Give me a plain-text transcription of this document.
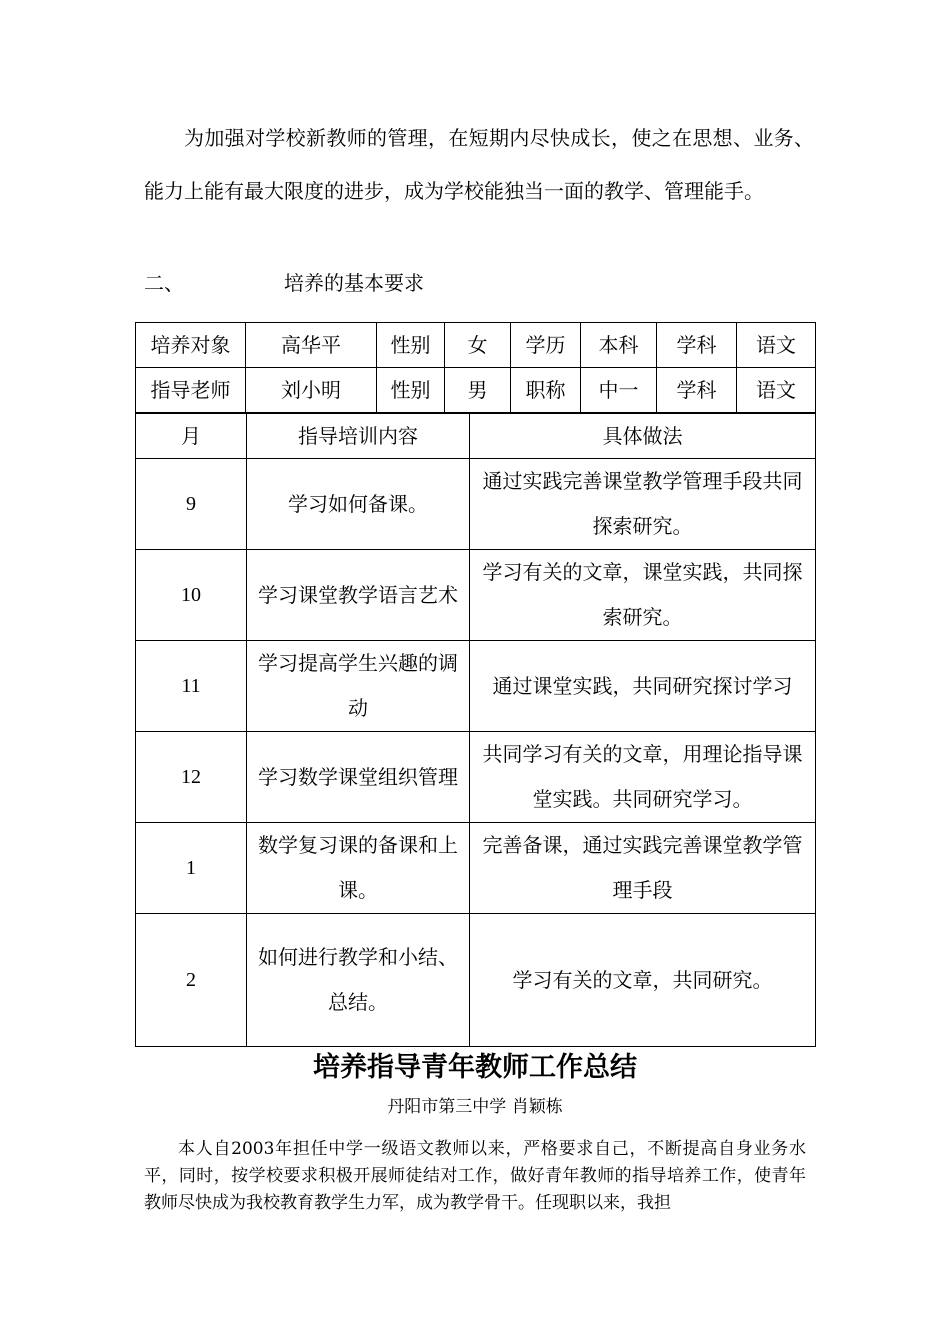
为加强对学校新教师的管理，在短期内尽快成长，使之在思想、业务、能力上能有最大限度的进步，成为学校能独当一面的教学、管理能手。

二、	培养的基本要求
培养对象	高华平	性别	女	学历	本科	学科	语文
指导老师	刘小明	性别	男	职称	中一	学科	语文
月	指导培训内容	具体做法
9	学习如何备课。	通过实践完善课堂教学管理手段共同探索研究。
10	学习课堂教学语言艺术	学习有关的文章，课堂实践，共同探索研究。
11	学习提高学生兴趣的调动	通过课堂实践，共同研究探讨学习
12	学习数学课堂组织管理	共同学习有关的文章，用理论指导课堂实践。共同研究学习。
1	数学复习课的备课和上课。	完善备课，通过实践完善课堂教学管理手段
2	如何进行教学和小结、总结。	学习有关的文章，共同研究。
培养指导青年教师工作总结
丹阳市第三中学 肖颖栋

本人自2003年担任中学一级语文教师以来，严格要求自己，不断提高自身业务水平，同时，按学校要求积极开展师徒结对工作，做好青年教师的指导培养工作，使青年教师尽快成为我校教育教学生力军，成为教学骨干。任现职以来，我担
